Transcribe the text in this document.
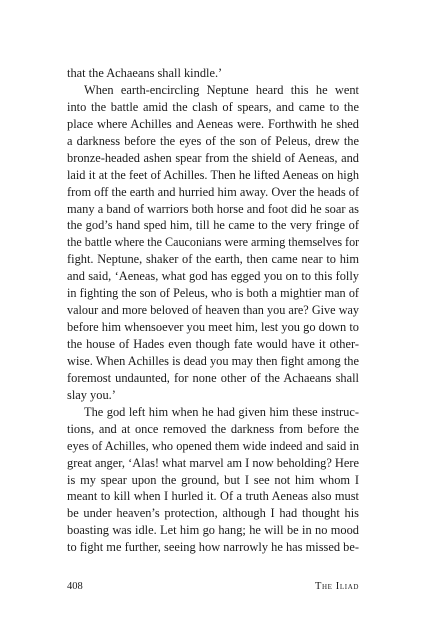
that the Achaeans shall kindle.’
When earth-encircling Neptune heard this he went
into the battle amid the clash of spears, and came to the
place where Achilles and Aeneas were. Forthwith he shed
a darkness before the eyes of the son of Peleus, drew the
bronze-headed ashen spear from the shield of Aeneas, and
laid it at the feet of Achilles. Then he lifted Aeneas on high
from off the earth and hurried him away. Over the heads of
many a band of warriors both horse and foot did he soar as
the god’s hand sped him, till he came to the very fringe of
the battle where the Cauconians were arming themselves for
fight. Neptune, shaker of the earth, then came near to him
and said, ‘Aeneas, what god has egged you on to this folly
in fighting the son of Peleus, who is both a mightier man of
valour and more beloved of heaven than you are? Give way
before him whensoever you meet him, lest you go down to
the house of Hades even though fate would have it other-
wise. When Achilles is dead you may then fight among the
foremost undaunted, for none other of the Achaeans shall
slay you.’
The god left him when he had given him these instruc-
tions, and at once removed the darkness from before the
eyes of Achilles, who opened them wide indeed and said in
great anger, ‘Alas! what marvel am I now beholding? Here
is my spear upon the ground, but I see not him whom I
meant to kill when I hurled it. Of a truth Aeneas also must
be under heaven’s protection, although I had thought his
boasting was idle. Let him go hang; he will be in no mood
to fight me further, seeing how narrowly he has missed be-
408	The Iliad
